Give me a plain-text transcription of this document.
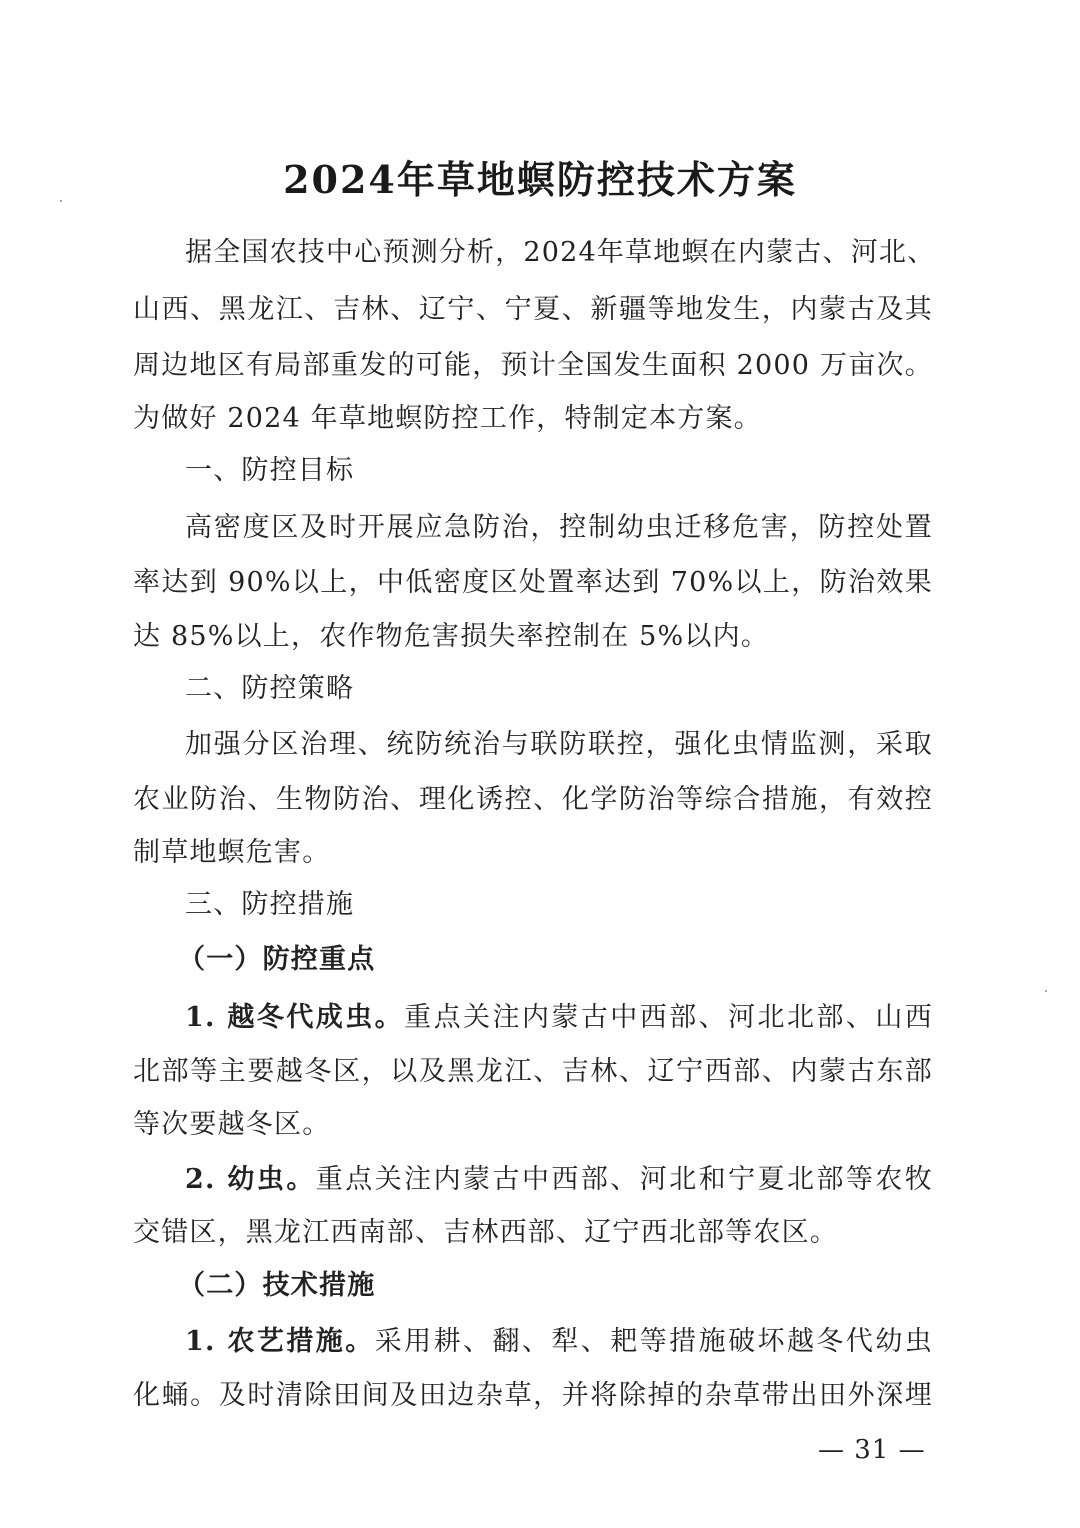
2024年草地螟防控技术方案
据全国农技中心预测分析，2024年草地螟在内蒙古、河北、
山西、黑龙江、吉林、辽宁、宁夏、新疆等地发生，内蒙古及其
周边地区有局部重发的可能，预计全国发生面积 2000 万亩次。
为做好 2024 年草地螟防控工作，特制定本方案。
一、防控目标
高密度区及时开展应急防治，控制幼虫迁移危害，防控处置
率达到 90%以上，中低密度区处置率达到 70%以上，防治效果
达 85%以上，农作物危害损失率控制在 5%以内。
二、防控策略
加强分区治理、统防统治与联防联控，强化虫情监测，采取
农业防治、生物防治、理化诱控、化学防治等综合措施，有效控
制草地螟危害。
三、防控措施
（一）防控重点
1. 越冬代成虫。重点关注内蒙古中西部、河北北部、山西
北部等主要越冬区，以及黑龙江、吉林、辽宁西部、内蒙古东部
等次要越冬区。
2. 幼虫。重点关注内蒙古中西部、河北和宁夏北部等农牧
交错区，黑龙江西南部、吉林西部、辽宁西北部等农区。
（二）技术措施
1. 农艺措施。采用耕、翻、犁、耙等措施破坏越冬代幼虫
化蛹。及时清除田间及田边杂草，并将除掉的杂草带出田外深埋
— 31 —
